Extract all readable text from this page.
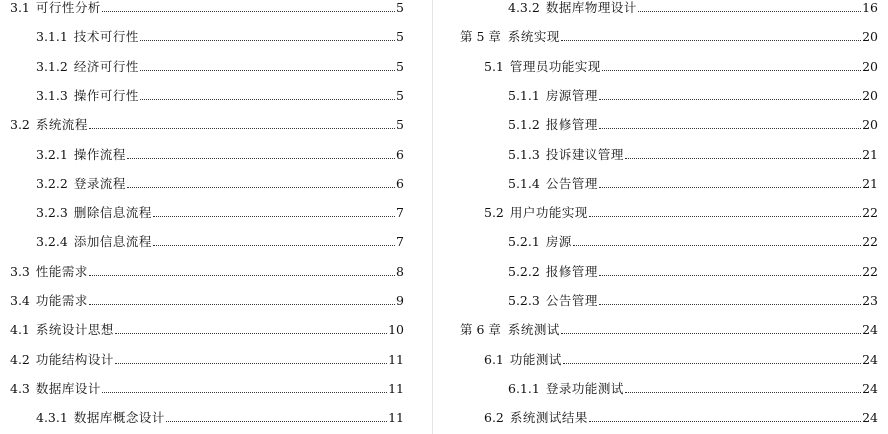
3.1 可行性分析	5
3.1.1 技术可行性	5
3.1.2 经济可行性	5
3.1.3 操作可行性	5
3.2 系统流程	5
3.2.1 操作流程	6
3.2.2 登录流程	6
3.2.3 删除信息流程	7
3.2.4 添加信息流程	7
3.3 性能需求	8
3.4 功能需求	9
4.1 系统设计思想	10
4.2 功能结构设计	11
4.3 数据库设计	11
4.3.1 数据库概念设计	11
4.3.2 数据库物理设计	16
第 5 章 系统实现	20
5.1 管理员功能实现	20
5.1.1 房源管理	20
5.1.2 报修管理	20
5.1.3 投诉建议管理	21
5.1.4 公告管理	21
5.2 用户功能实现	22
5.2.1 房源	22
5.2.2 报修管理	22
5.2.3 公告管理	23
第 6 章 系统测试	24
6.1 功能测试	24
6.1.1 登录功能测试	24
6.2 系统测试结果	24
